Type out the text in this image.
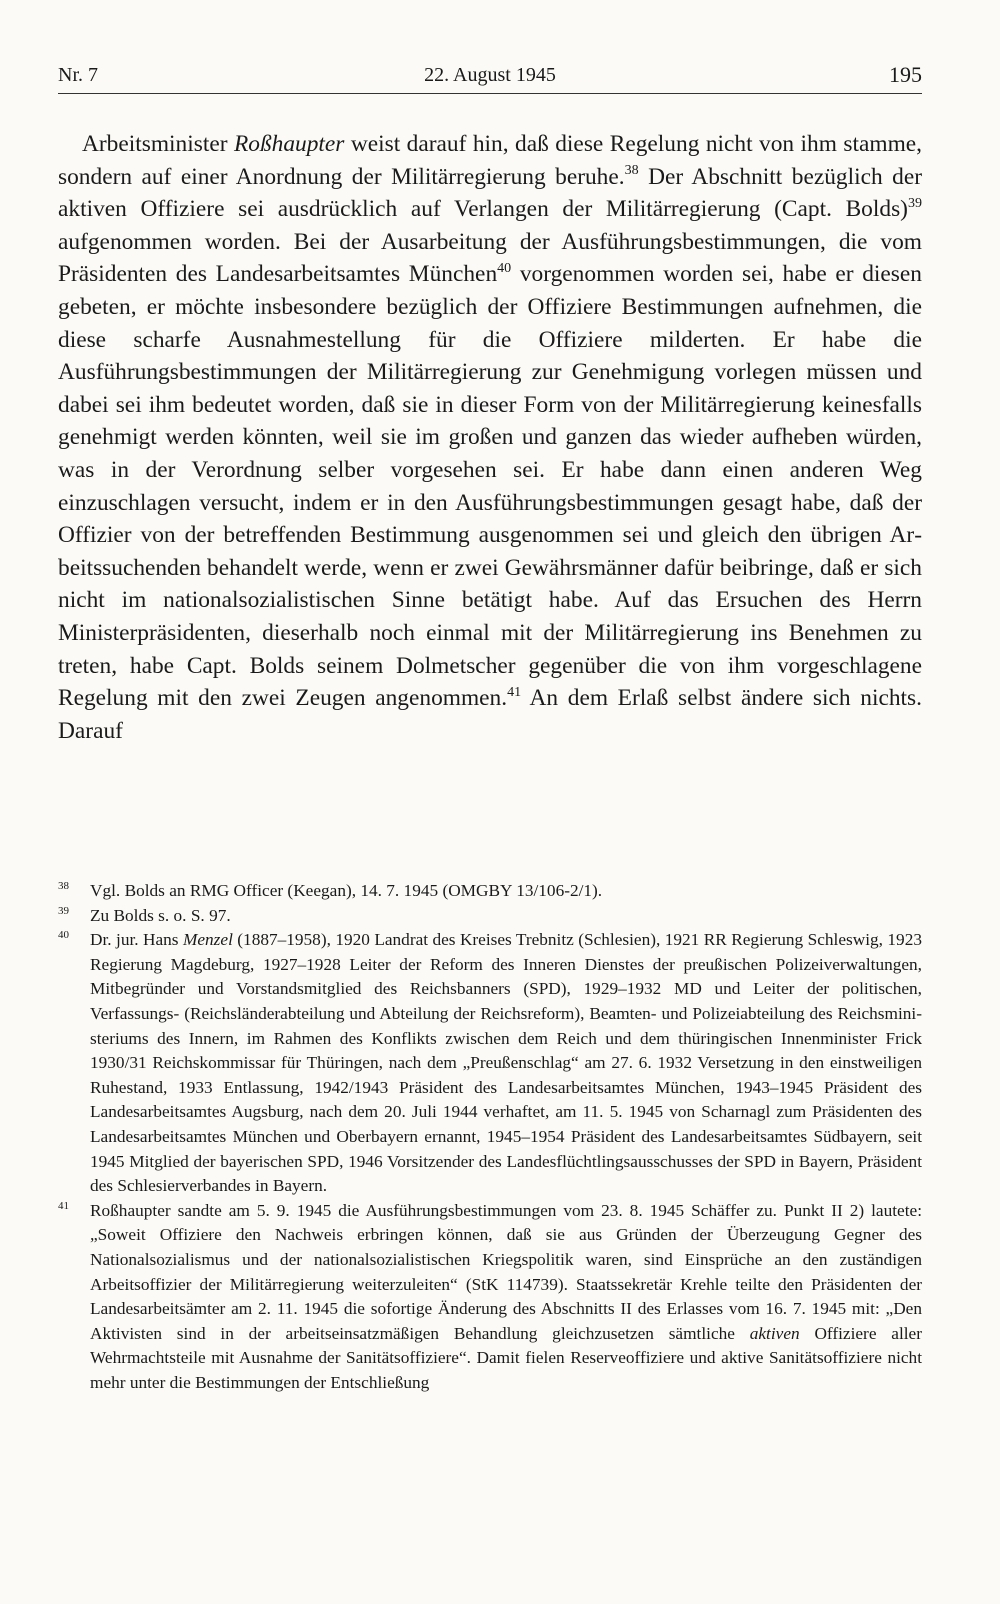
Nr. 7	22. August 1945	195

Arbeitsminister Roßhaupter weist darauf hin, daß diese Regelung nicht von ihm stamme, sondern auf einer Anordnung der Militärregierung beruhe.$^{38}$ Der Abschnitt bezüglich der aktiven Offiziere sei ausdrücklich auf Verlangen der Militärregierung (Capt. Bolds)$^{39}$ aufgenommen worden. Bei der Ausarbeitung der Ausführungsbestimmungen, die vom Präsidenten des Landesarbeitsamtes München$^{40}$ vorgenommen worden sei, habe er diesen gebeten, er möchte insbesondere bezüglich der Offiziere Bestimmungen aufnehmen, die diese scharfe Ausnahmestellung für die Offiziere milderten. Er habe die Ausführungsbestimmungen der Militärregierung zur Genehmigung vorlegen müssen und dabei sei ihm bedeutet worden, daß sie in dieser Form von der Militärregierung keinesfalls genehmigt werden könnten, weil sie im großen und ganzen das wieder aufheben würden, was in der Verordnung selber vorgesehen sei. Er habe dann einen anderen Weg einzuschlagen versucht, indem er in den Ausführungsbestimmungen gesagt habe, daß der Offizier von der betreffenden Bestimmung ausgenommen sei und gleich den übrigen Arbeitssuchenden behandelt werde, wenn er zwei Gewährsmänner dafür beibringe, daß er sich nicht im nationalsozialistischen Sinne betätigt habe. Auf das Ersuchen des Herrn Ministerpräsidenten, dieserhalb noch einmal mit der Militärregierung ins Benehmen zu treten, habe Capt. Bolds seinem Dolmetscher gegenüber die von ihm vorgeschlagene Regelung mit den zwei Zeugen angenommen.$^{41}$ An dem Erlaß selbst ändere sich nichts. Darauf

38 Vgl. Bolds an RMG Officer (Keegan), 14. 7. 1945 (OMGBY 13/106-2/1).

39 Zu Bolds s. o. S. 97.

40 Dr. jur. Hans Menzel (1887–1958), 1920 Landrat des Kreises Trebnitz (Schlesien), 1921 RR Regierung Schleswig, 1923 Regierung Magdeburg, 1927–1928 Leiter der Reform des Inneren Dienstes der preußischen Polizeiverwaltungen, Mitbegründer und Vorstandsmitglied des Reichsbanners (SPD), 1929–1932 MD und Leiter der politischen, Verfassungs- (Reichsländerabteilung und Abteilung der Reichsreform), Beamten- und Polizeiabteilung des Reichsministeriums des Innern, im Rahmen des Konflikts zwischen dem Reich und dem thüringischen Innenminister Frick 1930/31 Reichskommissar für Thüringen, nach dem „Preußenschlag“ am 27. 6. 1932 Versetzung in den einstweiligen Ruhestand, 1933 Entlassung, 1942/1943 Präsident des Landesarbeitsamtes München, 1943–1945 Präsident des Landesarbeitsamtes Augsburg, nach dem 20. Juli 1944 verhaftet, am 11. 5. 1945 von Scharnagl zum Präsidenten des Landesarbeitsamtes München und Oberbayern ernannt, 1945–1954 Präsident des Landesarbeitsamtes Südbayern, seit 1945 Mitglied der bayerischen SPD, 1946 Vorsitzender des Landesflüchtlingsausschusses der SPD in Bayern, Präsident des Schlesierverbandes in Bayern.

41 Roßhaupter sandte am 5. 9. 1945 die Ausführungsbestimmungen vom 23. 8. 1945 Schäffer zu. Punkt II 2) lautete: „Soweit Offiziere den Nachweis erbringen können, daß sie aus Gründen der Überzeugung Gegner des Nationalsozialismus und der nationalsozialistischen Kriegspolitik waren, sind Einsprüche an den zuständigen Arbeitsoffizier der Militärregierung weiterzuleiten“ (StK 114739). Staatssekretär Krehle teilte den Präsidenten der Landesarbeitsämter am 2. 11. 1945 die sofortige Änderung des Abschnitts II des Erlasses vom 16. 7. 1945 mit: „Den Aktivisten sind in der arbeitseinsatzmäßigen Behandlung gleichzusetzen sämtliche aktiven Offiziere aller Wehrmachtsteile mit Ausnahme der Sanitätsoffiziere“. Damit fielen Reserveoffiziere und aktive Sanitätsoffiziere nicht mehr unter die Bestimmungen der Entschließung
